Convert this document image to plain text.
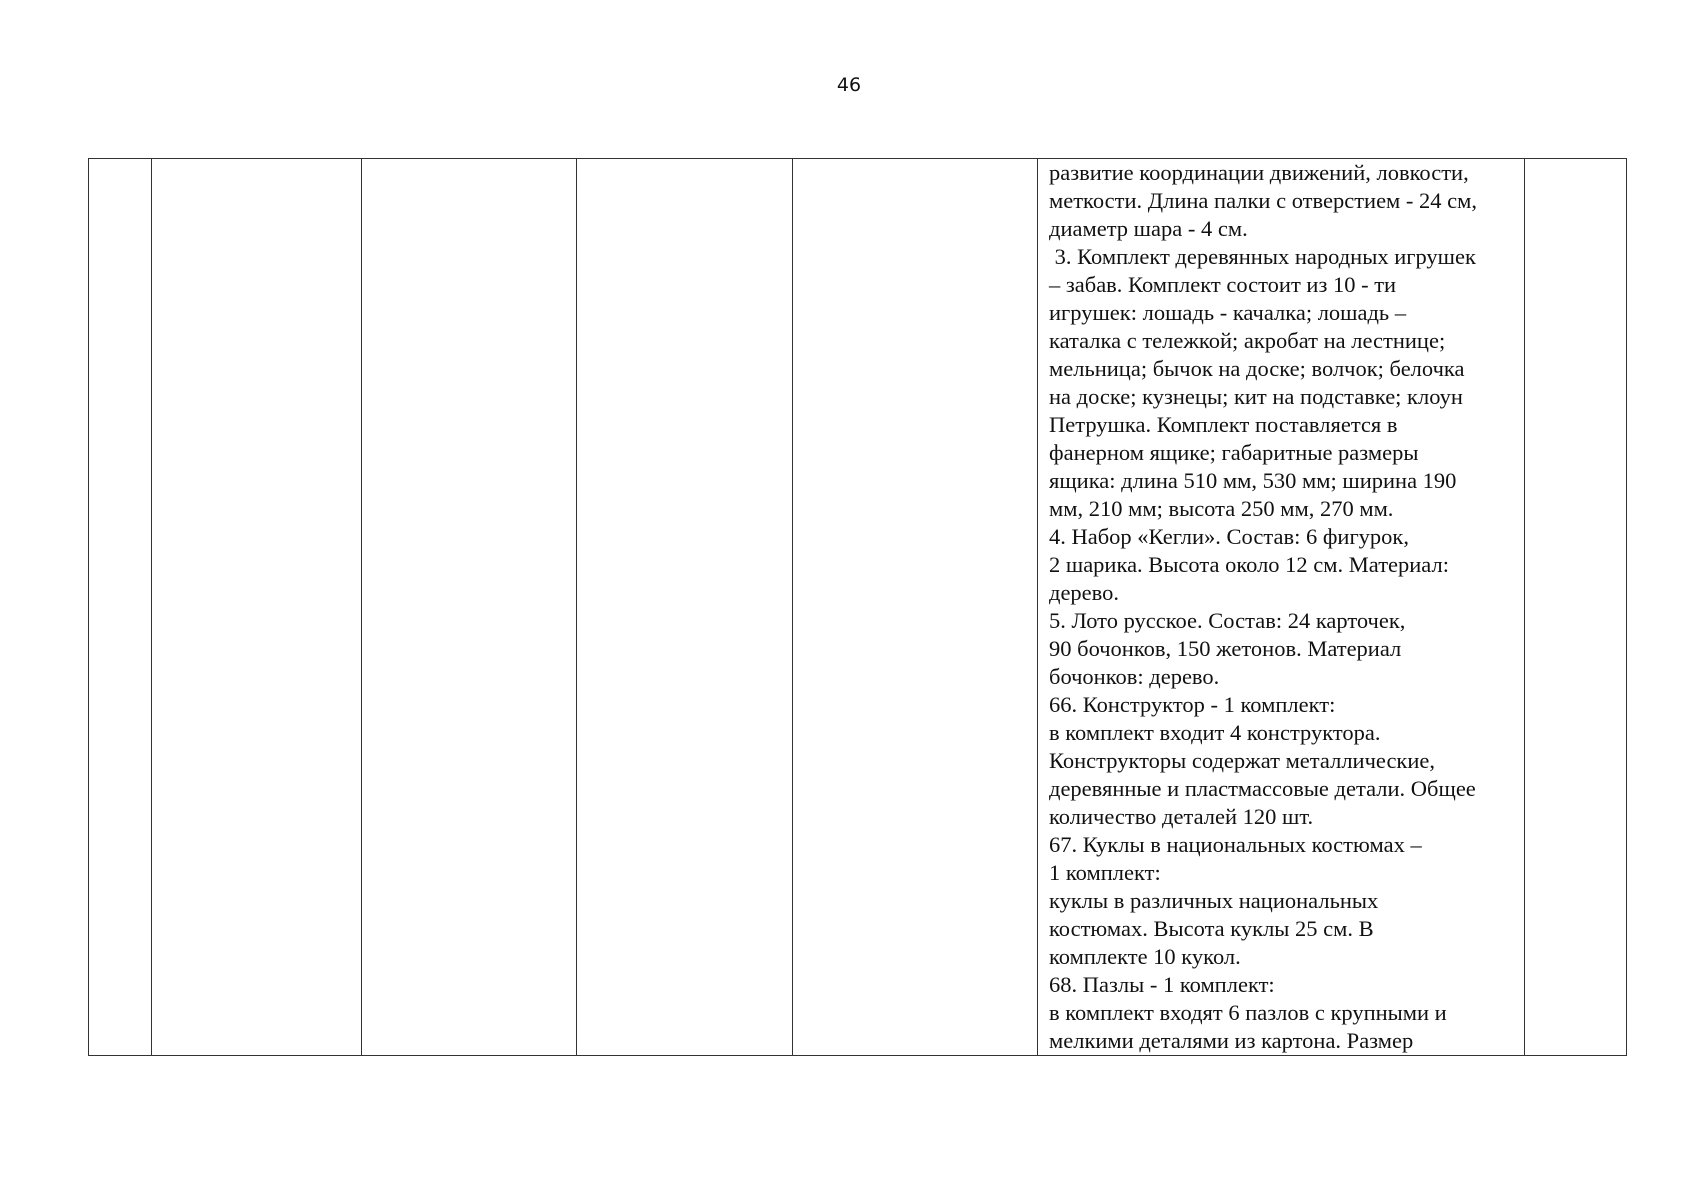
46

развитие координации движений, ловкости,
меткости. Длина палки с отверстием - 24 см,
диаметр шара - 4 см.
3. Комплект деревянных народных игрушек
– забав. Комплект состоит из 10 - ти
игрушек: лошадь - качалка; лошадь –
каталка с тележкой; акробат на лестнице;
мельница; бычок на доске; волчок; белочка
на доске; кузнецы; кит на подставке; клоун
Петрушка. Комплект поставляется в
фанерном ящике; габаритные размеры
ящика: длина 510 мм, 530 мм; ширина 190
мм, 210 мм; высота 250 мм, 270 мм.
4. Набор «Кегли». Состав: 6 фигурок,
2 шарика. Высота около 12 см. Материал:
дерево.
5. Лото русское. Состав: 24 карточек,
90 бочонков, 150 жетонов. Материал
бочонков: дерево.
66. Конструктор - 1 комплект:
в комплект входит 4 конструктора.
Конструкторы содержат металлические,
деревянные и пластмассовые детали. Общее
количество деталей 120 шт.
67. Куклы в национальных костюмах –
1 комплект:
куклы в различных национальных
костюмах. Высота куклы 25 см. В
комплекте 10 кукол.
68. Пазлы - 1 комплект:
в комплект входят 6 пазлов с крупными и
мелкими деталями из картона. Размер
